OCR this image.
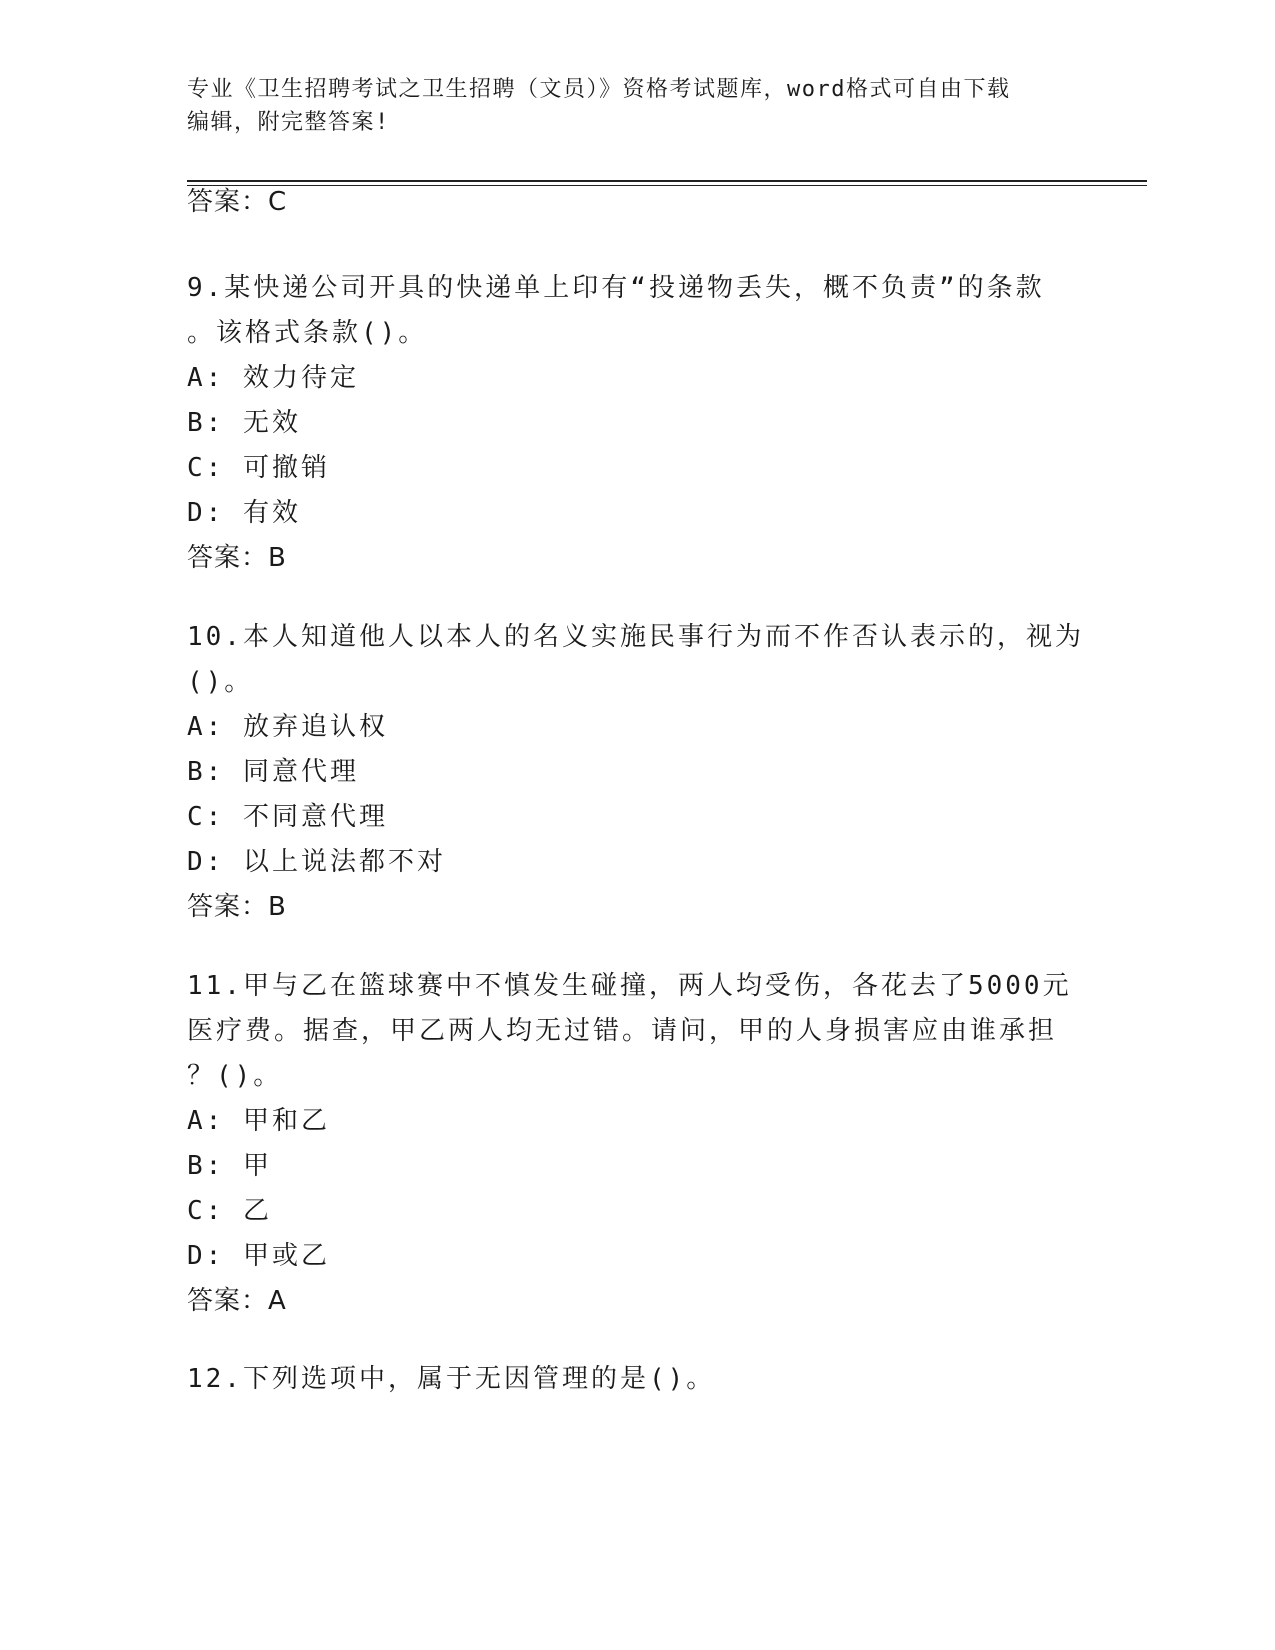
专业《卫生招聘考试之卫生招聘（文员）》资格考试题库，word格式可自由下载
编辑，附完整答案!
答案：C
9.某快递公司开具的快递单上印有“投递物丢失，概不负责”的条款
。该格式条款()。
A: 效力待定
B: 无效
C: 可撤销
D: 有效
答案：B
10.本人知道他人以本人的名义实施民事行为而不作否认表示的，视为
()。
A: 放弃追认权
B: 同意代理
C: 不同意代理
D: 以上说法都不对
答案：B
11.甲与乙在篮球赛中不慎发生碰撞，两人均受伤，各花去了5000元
医疗费。据查，甲乙两人均无过错。请问，甲的人身损害应由谁承担
？()。
A: 甲和乙
B: 甲
C: 乙
D: 甲或乙
答案：A
12.下列选项中，属于无因管理的是()。
